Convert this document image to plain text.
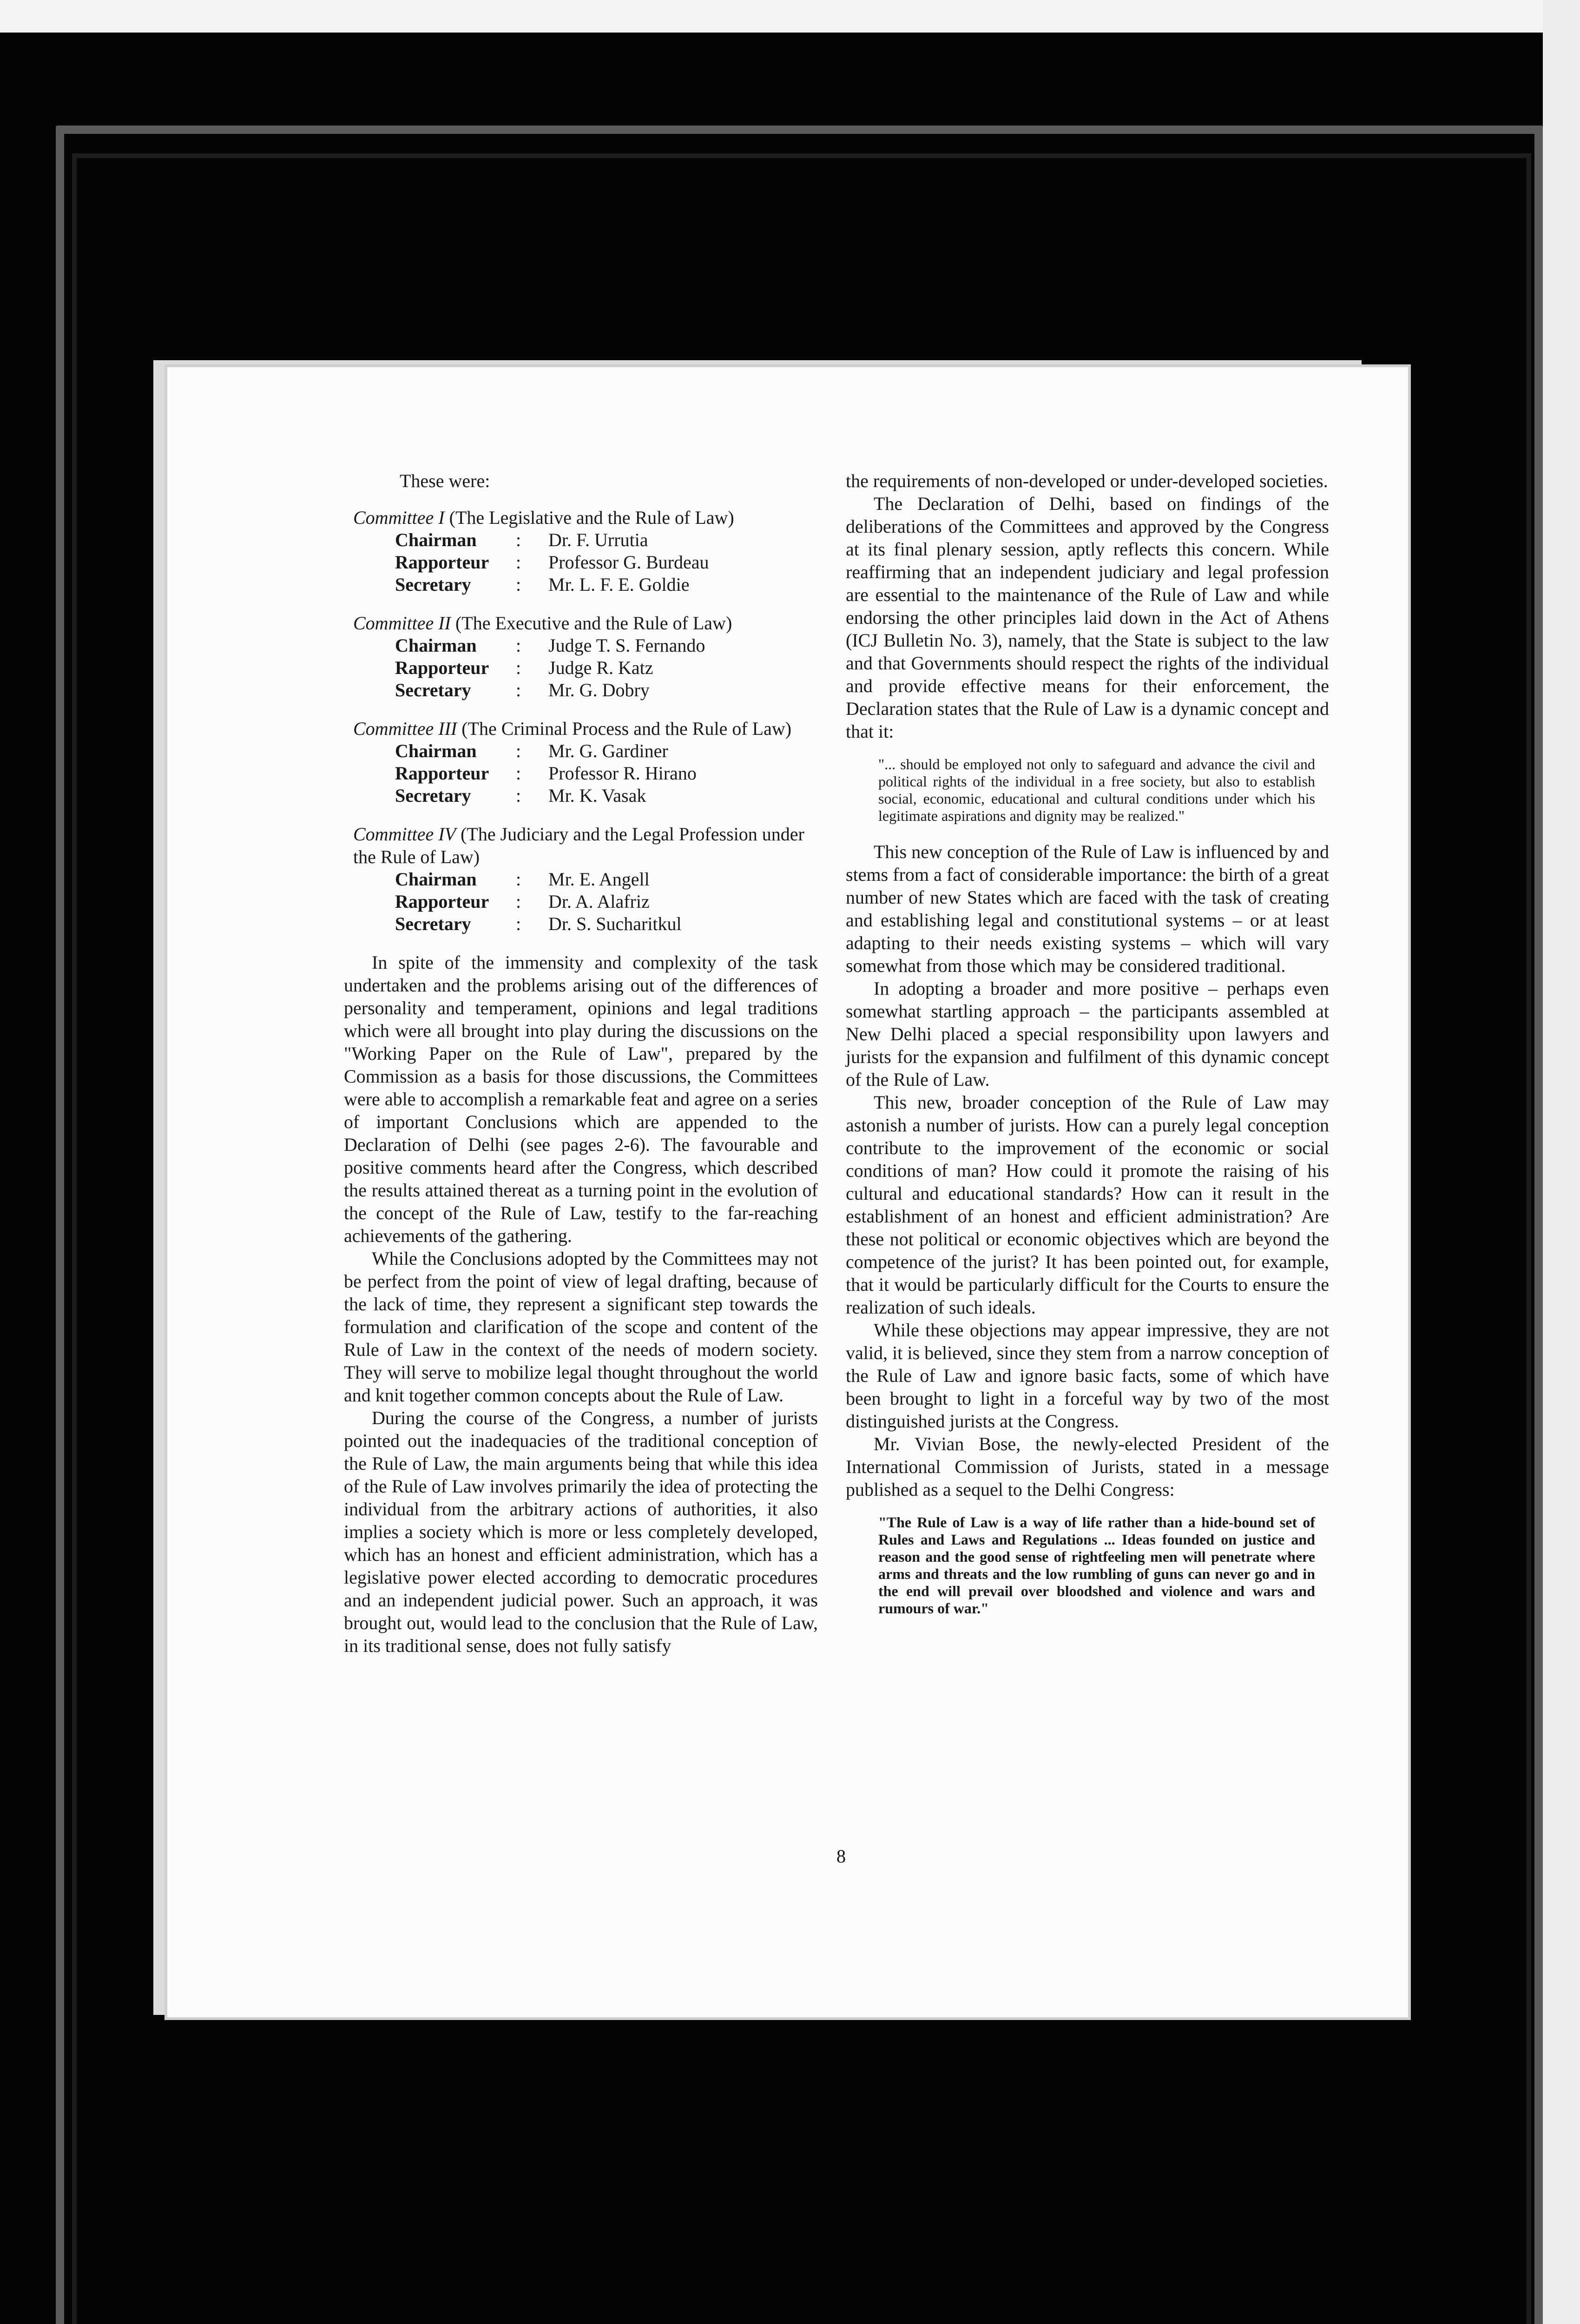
These were:

Committee I (The Legislative and the Rule of Law)

Chairman	:	Dr. F. Urrutia
Rapporteur	:	Professor G. Burdeau
Secretary	:	Mr. L. F. E. Goldie

Committee II (The Executive and the Rule of Law)

Chairman	:	Judge T. S. Fernando
Rapporteur	:	Judge R. Katz
Secretary	:	Mr. G. Dobry

Committee III (The Criminal Process and the Rule of Law)

Chairman	:	Mr. G. Gardiner
Rapporteur	:	Professor R. Hirano
Secretary	:	Mr. K. Vasak

Committee IV (The Judiciary and the Legal Profession under the Rule of Law)

Chairman	:	Mr. E. Angell
Rapporteur	:	Dr. A. Alafriz
Secretary	:	Dr. S. Sucharitkul

In spite of the immensity and complexity of the task undertaken and the problems arising out of the differences of personality and temperament, opinions and legal traditions which were all brought into play during the discussions on the "Working Paper on the Rule of Law", prepared by the Commission as a basis for those discussions, the Committees were able to accomplish a remarkable feat and agree on a series of important Conclusions which are appended to the Declaration of Delhi (see pages 2-6). The favourable and positive comments heard after the Congress, which described the results attained thereat as a turning point in the evolution of the concept of the Rule of Law, testify to the far-reaching achievements of the gathering.

While the Conclusions adopted by the Committees may not be perfect from the point of view of legal drafting, because of the lack of time, they represent a significant step towards the formulation and clarification of the scope and content of the Rule of Law in the context of the needs of modern society. They will serve to mobilize legal thought throughout the world and knit together common concepts about the Rule of Law.

During the course of the Congress, a number of jurists pointed out the inadequacies of the traditional conception of the Rule of Law, the main arguments being that while this idea of the Rule of Law involves primarily the idea of protecting the individual from the arbitrary actions of authorities, it also implies a society which is more or less completely developed, which has an honest and efficient administration, which has a legislative power elected according to democratic procedures and an independent judicial power. Such an approach, it was brought out, would lead to the conclusion that the Rule of Law, in its traditional sense, does not fully satisfy

the requirements of non-developed or under-developed societies.

The Declaration of Delhi, based on findings of the deliberations of the Committees and approved by the Congress at its final plenary session, aptly reflects this concern. While reaffirming that an independent judiciary and legal profession are essential to the maintenance of the Rule of Law and while endorsing the other principles laid down in the Act of Athens (ICJ Bulletin No. 3), namely, that the State is subject to the law and that Governments should respect the rights of the individual and provide effective means for their enforcement, the Declaration states that the Rule of Law is a dynamic concept and that it:

"... should be employed not only to safeguard and advance the civil and political rights of the individual in a free society, but also to establish social, economic, educational and cultural conditions under which his legitimate aspirations and dignity may be realized."

This new conception of the Rule of Law is influenced by and stems from a fact of considerable importance: the birth of a great number of new States which are faced with the task of creating and establishing legal and constitutional systems – or at least adapting to their needs existing systems – which will vary somewhat from those which may be considered traditional.

In adopting a broader and more positive – perhaps even somewhat startling approach – the participants assembled at New Delhi placed a special responsibility upon lawyers and jurists for the expansion and fulfilment of this dynamic concept of the Rule of Law.

This new, broader conception of the Rule of Law may astonish a number of jurists. How can a purely legal conception contribute to the improvement of the economic or social conditions of man? How could it promote the raising of his cultural and educational standards? How can it result in the establishment of an honest and efficient administration? Are these not political or economic objectives which are beyond the competence of the jurist? It has been pointed out, for example, that it would be particularly difficult for the Courts to ensure the realization of such ideals.

While these objections may appear impressive, they are not valid, it is believed, since they stem from a narrow conception of the Rule of Law and ignore basic facts, some of which have been brought to light in a forceful way by two of the most distinguished jurists at the Congress.

Mr. Vivian Bose, the newly-elected President of the International Commission of Jurists, stated in a message published as a sequel to the Delhi Congress:

"The Rule of Law is a way of life rather than a hide-bound set of Rules and Laws and Regulations ... Ideas founded on justice and reason and the good sense of rightfeeling men will penetrate where arms and threats and the low rumbling of guns can never go and in the end will prevail over bloodshed and violence and wars and rumours of war."

8
